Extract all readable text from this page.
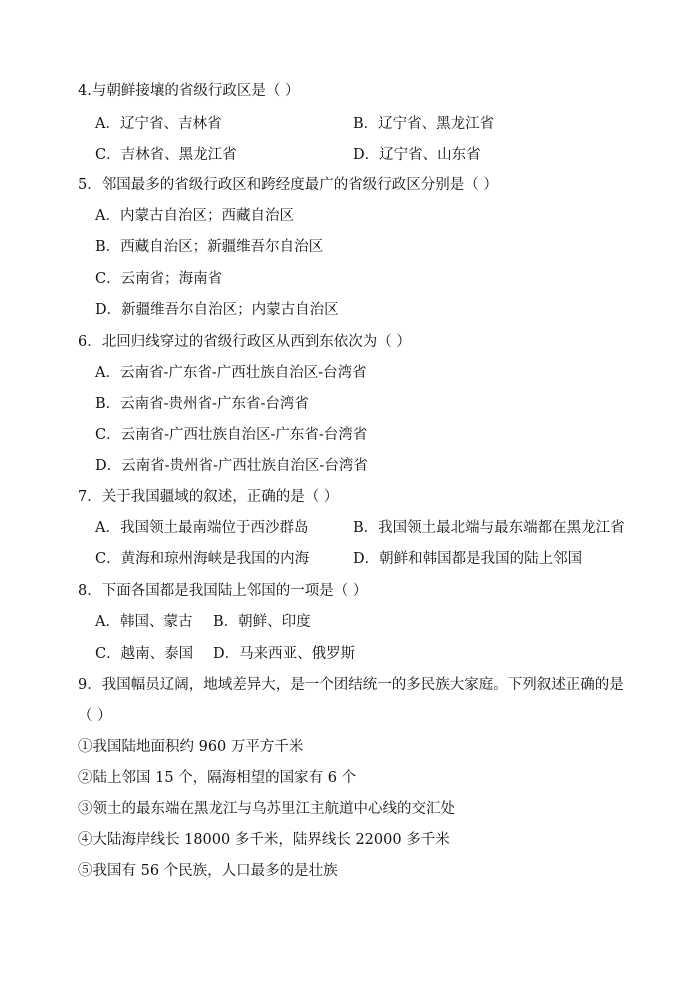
4.与朝鲜接壤的省级行政区是（ ）
A．辽宁省、吉林省	B．辽宁省、黑龙江省
C．吉林省、黑龙江省	D．辽宁省、山东省
5．邻国最多的省级行政区和跨经度最广的省级行政区分别是（ ）
A．内蒙古自治区；西藏自治区
B．西藏自治区；新疆维吾尔自治区
C．云南省；海南省
D．新疆维吾尔自治区；内蒙古自治区
6．北回归线穿过的省级行政区从西到东依次为（ ）
A．云南省-广东省-广西壮族自治区-台湾省
B．云南省-贵州省-广东省-台湾省
C．云南省-广西壮族自治区-广东省-台湾省
D．云南省-贵州省-广西壮族自治区-台湾省
7．关于我国疆域的叙述，正确的是（ ）
A．我国领土最南端位于西沙群岛	B．我国领土最北端与最东端都在黑龙江省
C．黄海和琼州海峡是我国的内海	D．朝鲜和韩国都是我国的陆上邻国
8．下面各国都是我国陆上邻国的一项是（ ）
A．韩国、蒙古 B．朝鲜、印度
C．越南、泰国 D．马来西亚、俄罗斯
9．我国幅员辽阔，地域差异大，是一个团结统一的多民族大家庭。下列叙述正确的是
（ ）
①我国陆地面积约 960 万平方千米
②陆上邻国 15 个，隔海相望的国家有 6 个
③领土的最东端在黑龙江与乌苏里江主航道中心线的交汇处
④大陆海岸线长 18000 多千米，陆界线长 22000 多千米
⑤我国有 56 个民族，人口最多的是壮族
